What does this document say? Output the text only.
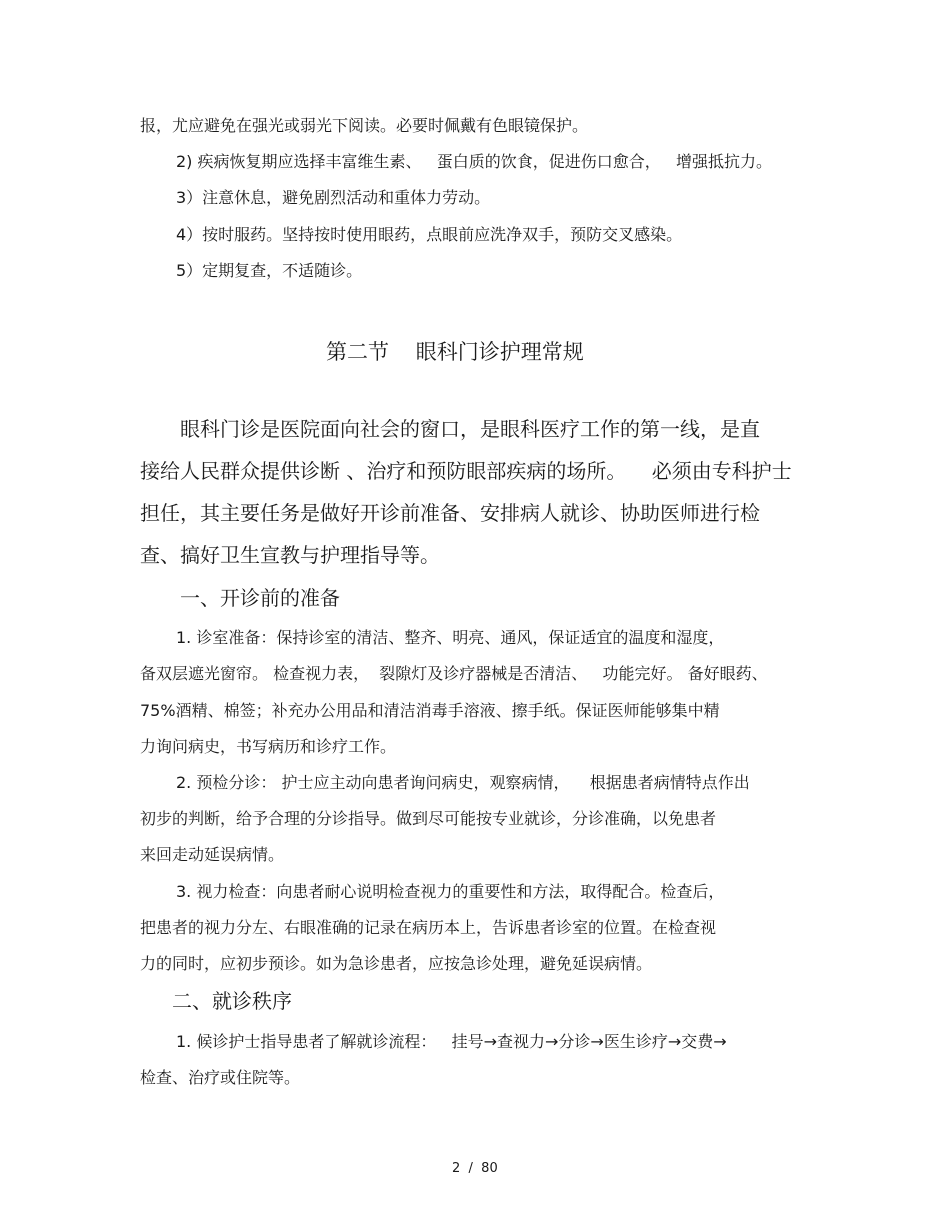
报，尤应避免在强光或弱光下阅读。必要时佩戴有色眼镜保护。

2) 疾病恢复期应选择丰富维生素、   蛋白质的饮食，促进伤口愈合，   增强抵抗力。

3）注意休息，避免剧烈活动和重体力劳动。

4）按时服药。坚持按时使用眼药，点眼前应洗净双手，预防交叉感染。

5）定期复查，不适随诊。

第二节    眼科门诊护理常规

眼科门诊是医院面向社会的窗口，是眼科医疗工作的第一线，是直

接给人民群众提供诊断 、治疗和预防眼部疾病的场所。    必须由专科护士

担任，其主要任务是做好开诊前准备、安排病人就诊、协助医师进行检

查、搞好卫生宣教与护理指导等。

一、开诊前的准备

1. 诊室准备：保持诊室的清洁、整齐、明亮、通风，保证适宜的温度和湿度，

备双层遮光窗帘。 检查视力表，  裂隙灯及诊疗器械是否清洁、   功能完好。 备好眼药、

75%酒精、棉签；补充办公用品和清洁消毒手溶液、擦手纸。保证医师能够集中精

力询问病史，书写病历和诊疗工作。

2. 预检分诊： 护士应主动向患者询问病史，观察病情，    根据患者病情特点作出

初步的判断，给予合理的分诊指导。做到尽可能按专业就诊，分诊准确，以免患者

来回走动延误病情。

3. 视力检查：向患者耐心说明检查视力的重要性和方法，取得配合。检查后，

把患者的视力分左、右眼准确的记录在病历本上，告诉患者诊室的位置。在检查视

力的同时，应初步预诊。如为急诊患者，应按急诊处理，避免延误病情。

二、就诊秩序

1. 候诊护士指导患者了解就诊流程：   挂号→查视力→分诊→医生诊疗→交费→

检查、治疗或住院等。

2  /  80
